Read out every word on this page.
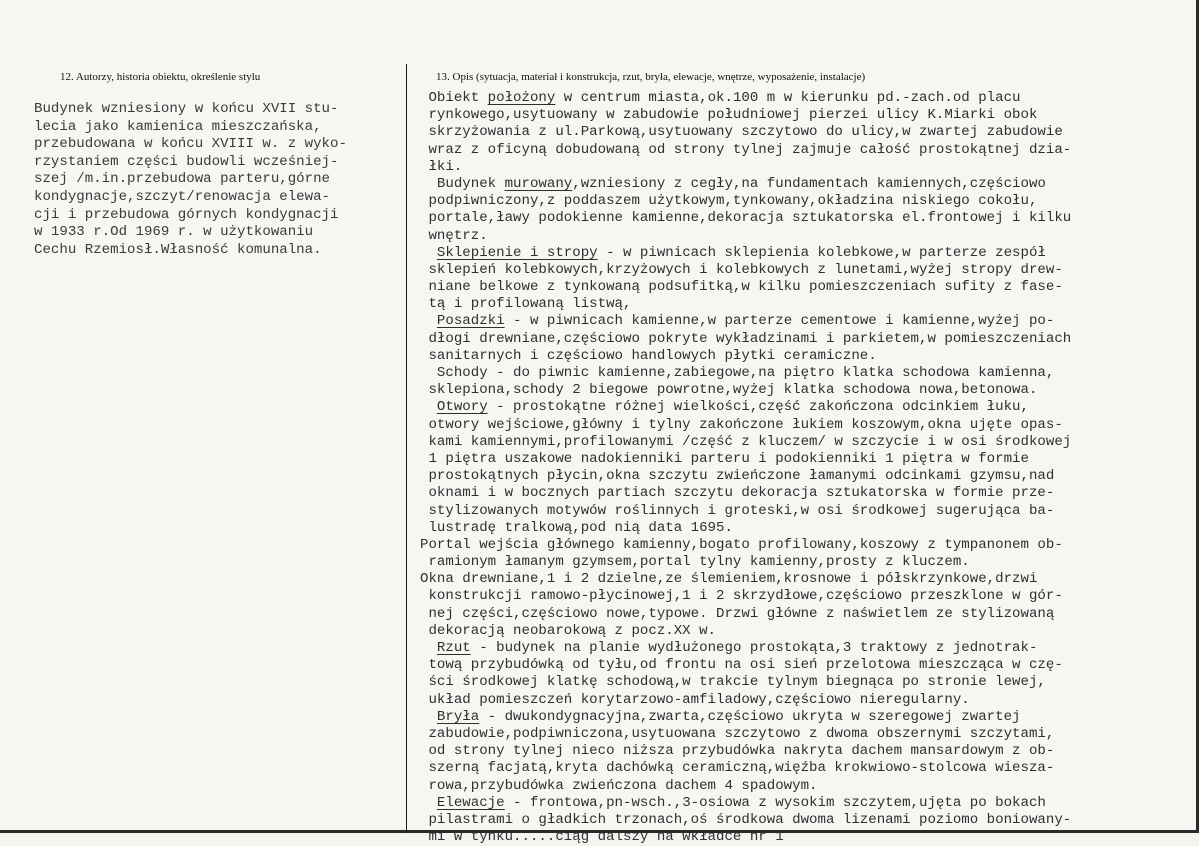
12. Autorzy, historia obiektu, określenie stylu	13. Opis (sytuacja, materiał i konstrukcja, rzut, bryła, elewacje, wnętrze, wyposażenie, instalacje)
Budynek wzniesiony w końcu XVII stu-
lecia jako kamienica mieszczańska,
przebudowana w końcu XVIII w. z wyko-
rzystaniem części budowli wcześniej-
szej /m.in.przebudowa parteru,górne
kondygnacje,szczyt/renowacja elewa-
cji i przebudowa górnych kondygnacji
w 1933 r.Od 1969 r. w użytkowaniu
Cechu Rzemiosł.Własność komunalna.
Obiekt położony w centrum miasta,ok.100 m w kierunku pd.-zach.od placu
rynkowego,usytuowany w zabudowie południowej pierzei ulicy K.Miarki obok
skrzyżowania z ul.Parkową,usytuowany szczytowo do ulicy,w zwartej zabudowie
wraz z oficyną dobudowaną od strony tylnej zajmuje całość prostokątnej dzia-
łki.
Budynek murowany,wzniesiony z cegły,na fundamentach kamiennych,częściowo
podpiwniczony,z poddaszem użytkowym,tynkowany,okładzina niskiego cokołu,
portale,ławy podokienne kamienne,dekoracja sztukatorska el.frontowej i kilku
wnętrz.
Sklepienie i stropy - w piwnicach sklepienia kolebkowe,w parterze zespół
sklepień kolebkowych,krzyżowych i kolebkowych z lunetami,wyżej stropy drew-
niane belkowe z tynkowaną podsufitką,w kilku pomieszczeniach sufity z fase-
tą i profilowaną listwą,
Posadzki - w piwnicach kamienne,w parterze cementowe i kamienne,wyżej po-
dłogi drewniane,częściowo pokryte wykładzinami i parkietem,w pomieszczeniach
sanitarnych i częściowo handlowych płytki ceramiczne.
Schody - do piwnic kamienne,zabiegowe,na piętro klatka schodowa kamienna,
sklepiona,schody 2 biegowe powrotne,wyżej klatka schodowa nowa,betonowa.
Otwory - prostokątne różnej wielkości,część zakończona odcinkiem łuku,
otwory wejściowe,główny i tylny zakończone łukiem koszowym,okna ujęte opas-
kami kamiennymi,profilowanymi /część z kluczem/ w szczycie i w osi środkowej
1 piętra uszakowe nadokienniki parteru i podokienniki 1 piętra w formie
prostokątnych płycin,okna szczytu zwieńczone łamanymi odcinkami gzymsu,nad
oknami i w bocznych partiach szczytu dekoracja sztukatorska w formie prze-
stylizowanych motywów roślinnych i groteski,w osi środkowej sugerująca ba-
lustradę tralkową,pod nią data 1695.
Portal wejścia głównego kamienny,bogato profilowany,koszowy z tympanonem ob-
ramionym łamanym gzymsem,portal tylny kamienny,prosty z kluczem.
Okna drewniane,1 i 2 dzielne,ze ślemieniem,krosnowe i półskrzynkowe,drzwi
konstrukcji ramowo-płycinowej,1 i 2 skrzydłowe,częściowo przeszklone w gór-
nej części,częściowo nowe,typowe. Drzwi główne z naświetlem ze stylizowaną
dekoracją neobarokową z pocz.XX w.
Rzut - budynek na planie wydłużonego prostokąta,3 traktowy z jednotrak-
tową przybudówką od tyłu,od frontu na osi sień przelotowa mieszcząca w czę-
ści środkowej klatkę schodową,w trakcie tylnym biegnąca po stronie lewej,
układ pomieszczeń korytarzowo-amfiladowy,częściowo nieregularny.
Bryła - dwukondygnacyjna,zwarta,częściowo ukryta w szeregowej zwartej
zabudowie,podpiwniczona,usytuowana szczytowo z dwoma obszernymi szczytami,
od strony tylnej nieco niższa przybudówka nakryta dachem mansardowym z ob-
szerną facjatą,kryta dachówką ceramiczną,więźba krokwiowo-stolcowa wiesza-
rowa,przybudówka zwieńczona dachem 4 spadowym.
Elewacje - frontowa,pn-wsch.,3-osiowa z wysokim szczytem,ujęta po bokach
pilastrami o gładkich trzonach,oś środkowa dwoma lizenami poziomo boniowany-
mi w tynku.....ciąg dalszy na wkładce nr 1
